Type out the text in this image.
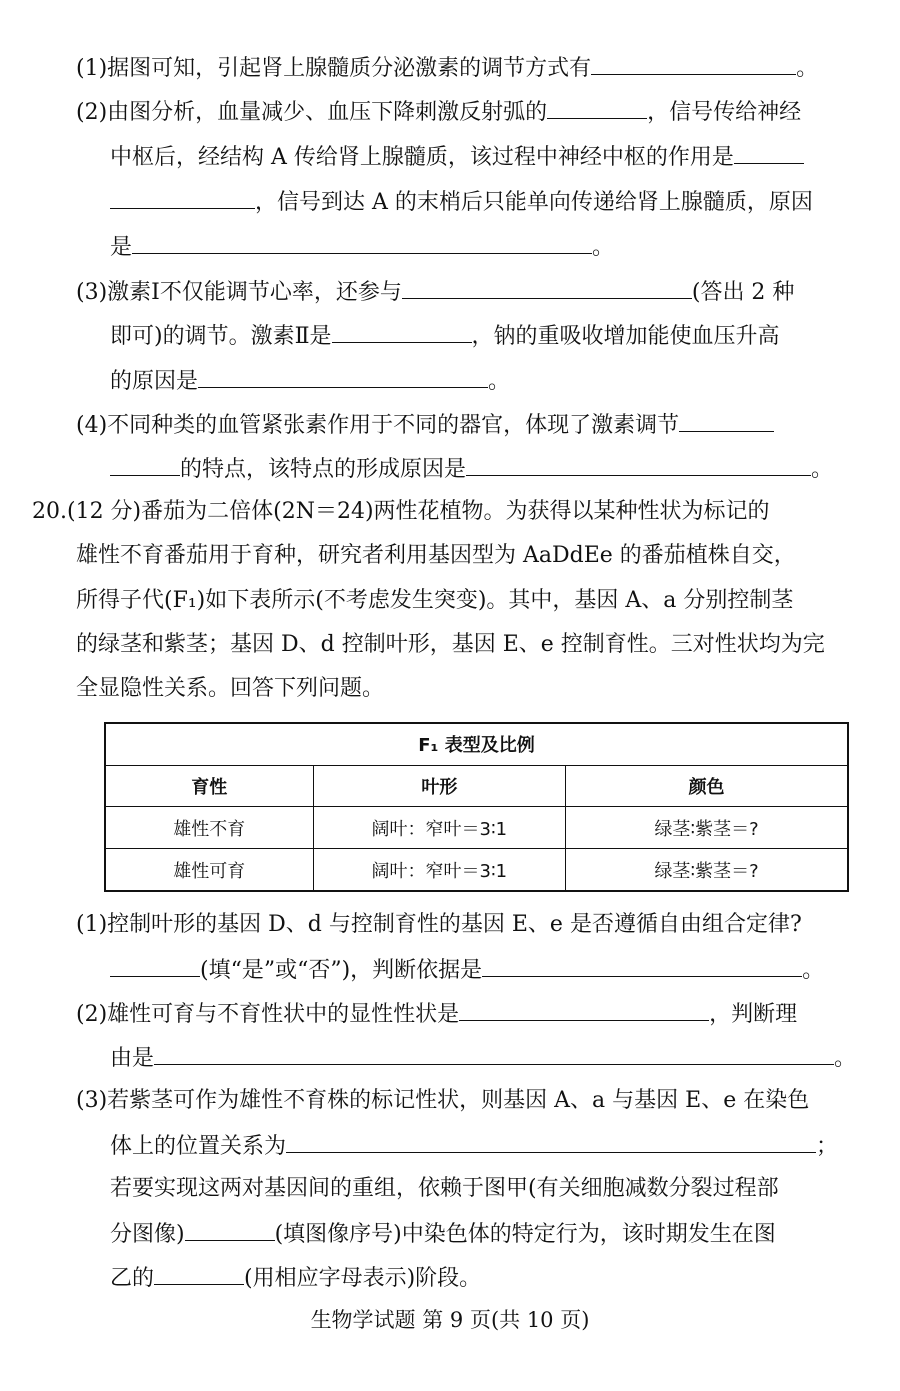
(1)据图可知，引起肾上腺髓质分泌激素的调节方式有	。
(2)由图分析，血量减少、血压下降刺激反射弧的	，信号传给神经
中枢后，经结构 A 传给肾上腺髓质，该过程中神经中枢的作用是
，信号到达 A 的末梢后只能单向传递给肾上腺髓质，原因
是	。
(3)激素Ⅰ不仅能调节心率，还参与	(答出 2 种
即可)的调节。激素Ⅱ是	，钠的重吸收增加能使血压升高
的原因是	。
(4)不同种类的血管紧张素作用于不同的器官，体现了激素调节
的特点，该特点的形成原因是	。
20.(12 分)番茄为二倍体(2N＝24)两性花植物。为获得以某种性状为标记的
雄性不育番茄用于育种，研究者利用基因型为 AaDdEe 的番茄植株自交，
所得子代(F₁)如下表所示(不考虑发生突变)。其中，基因 A、a 分别控制茎
的绿茎和紫茎；基因 D、d 控制叶形，基因 E、e 控制育性。三对性状均为完
全显隐性关系。回答下列问题。
F₁ 表型及比例		
育性	叶形	颜色
雄性不育	阔叶：窄叶＝3∶1	绿茎∶紫茎＝?
雄性可育	阔叶：窄叶＝3∶1	绿茎∶紫茎＝?
(1)控制叶形的基因 D、d 与控制育性的基因 E、e 是否遵循自由组合定律?
(填“是”或“否”)，判断依据是	。
(2)雄性可育与不育性状中的显性性状是	，判断理
由是	。
(3)若紫茎可作为雄性不育株的标记性状，则基因 A、a 与基因 E、e 在染色
体上的位置关系为	；
若要实现这两对基因间的重组，依赖于图甲(有关细胞减数分裂过程部
分图像)	(填图像序号)中染色体的特定行为，该时期发生在图
乙的	(用相应字母表示)阶段。
生物学试题 第 9 页(共 10 页)
